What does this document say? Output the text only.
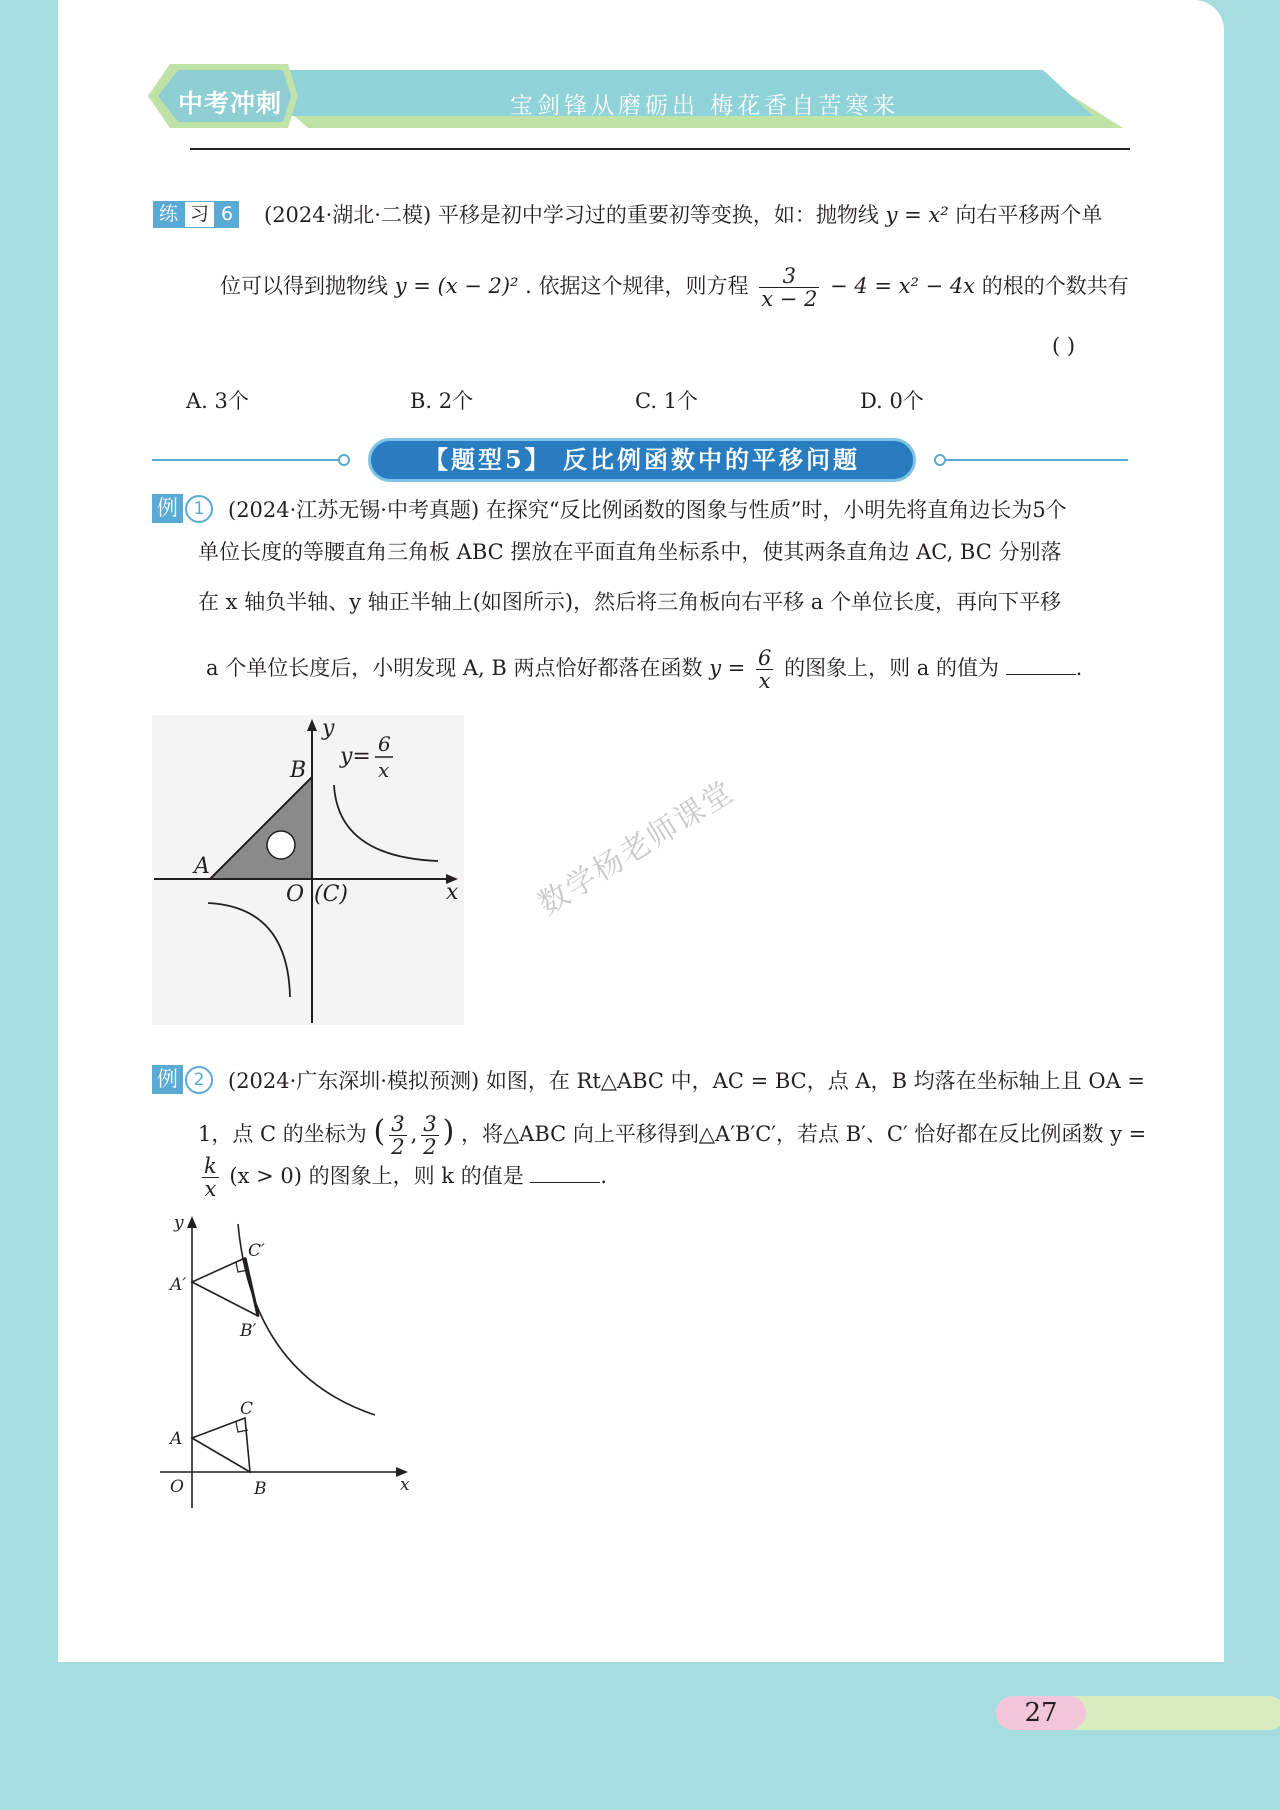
中考冲刺	宝剑锋从磨砺出 梅花香自苦寒来
练 习 6 (2024·湖北·二模) 平移是初中学习过的重要初等变换，如：抛物线 y = x² 向右平移两个单
位可以得到抛物线 y = (x − 2)² . 依据这个规律，则方程 $\frac{3}{x - 2} - 4 = x^2 - 4x$ 的根的个数共有
( )
A. 3个	B. 2个	C. 1个	D. 0个
【题型5】 反比例函数中的平移问题
例 1	(2024·江苏无锡·中考真题) 在探究“反比例函数的图象与性质”时，小明先将直角边长为5个
单位长度的等腰直角三角板 ABC 摆放在平面直角坐标系中，使其两条直角边 AC, BC 分别落
在 x 轴负半轴、y 轴正半轴上(如图所示)，然后将三角板向右平移 a 个单位长度，再向下平移
a 个单位长度后，小明发现 A, B 两点恰好都落在函数 $y = \frac{6}{x}$ 的图象上，则 a 的值为	.
y
x
A
B
O (C)
y= 6
x
数学杨老师课堂
例 2	(2024·广东深圳·模拟预测) 如图，在 Rt△ABC 中，AC = BC，点 A，B 均落在坐标轴上且 OA =
1，点 C 的坐标为 ( $\frac{3}{2}$ , $\frac{3}{2}$ ) ，将△ABC 向上平移得到△A′B′C′，若点 B′、C′ 恰好都在反比例函数 y =
$\frac{k}{x} (x > 0)$ 的图象上，则 k 的值是	.
y
x
O
A
B
C
A′
B′
C′
27
